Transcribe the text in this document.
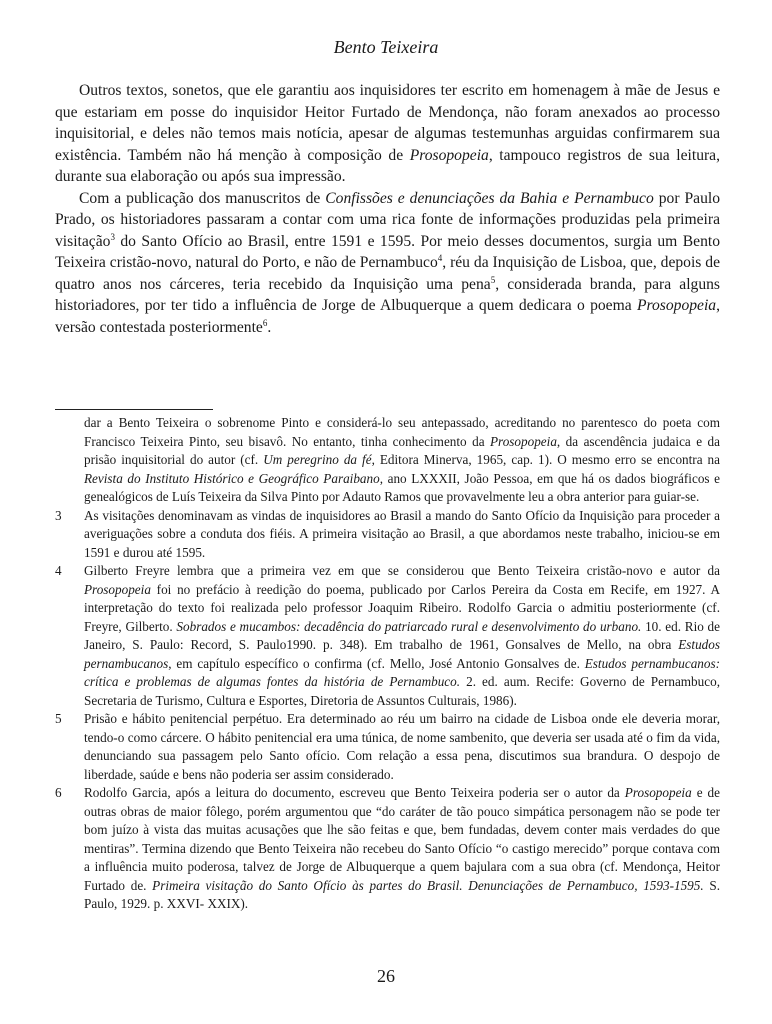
Bento Teixeira

Outros textos, sonetos, que ele garantiu aos inquisidores ter escrito em homenagem à mãe de Jesus e que estariam em posse do inquisidor Heitor Furtado de Mendonça, não foram anexados ao processo inquisitorial, e deles não temos mais notícia, apesar de algumas testemunhas arguidas confirmarem sua existência. Também não há menção à composição de Prosopopeia, tampouco registros de sua leitura, durante sua elaboração ou após sua impressão.

Com a publicação dos manuscritos de Confissões e denunciações da Bahia e Pernambuco por Paulo Prado, os historiadores passaram a contar com uma rica fonte de informações produzidas pela primeira visitação$^3$ do Santo Ofício ao Brasil, entre 1591 e 1595. Por meio desses documentos, surgia um Bento Teixeira cristão-novo, natural do Porto, e não de Pernambuco$^4$, réu da Inquisição de Lisboa, que, depois de quatro anos nos cárceres, teria recebido da Inquisição uma pena$^5$, considerada branda, para alguns historiadores, por ter tido a influência de Jorge de Albuquerque a quem dedicara o poema Prosopopeia, versão contestada posteriormente$^6$.

dar a Bento Teixeira o sobrenome Pinto e considerá-lo seu antepassado, acreditando no parentesco do poeta com Francisco Teixeira Pinto, seu bisavô. No entanto, tinha conhecimento da Prosopopeia, da ascendência judaica e da prisão inquisitorial do autor (cf. Um peregrino da fé, Editora Minerva, 1965, cap. 1). O mesmo erro se encontra na Revista do Instituto Histórico e Geográfico Paraibano, ano LXXXII, João Pessoa, em que há os dados biográficos e genealógicos de Luís Teixeira da Silva Pinto por Adauto Ramos que provavelmente leu a obra anterior para guiar-se.

3 As visitações denominavam as vindas de inquisidores ao Brasil a mando do Santo Ofício da Inquisição para proceder a averiguações sobre a conduta dos fiéis. A primeira visitação ao Brasil, a que abordamos neste trabalho, iniciou-se em 1591 e durou até 1595.

4 Gilberto Freyre lembra que a primeira vez em que se considerou que Bento Teixeira cristão-novo e autor da Prosopopeia foi no prefácio à reedição do poema, publicado por Carlos Pereira da Costa em Recife, em 1927. A interpretação do texto foi realizada pelo professor Joaquim Ribeiro. Rodolfo Garcia o admitiu posteriormente (cf. Freyre, Gilberto. Sobrados e mucambos: decadência do patriarcado rural e desenvolvimento do urbano. 10. ed. Rio de Janeiro, S. Paulo: Record, S. Paulo1990. p. 348). Em trabalho de 1961, Gonsalves de Mello, na obra Estudos pernambucanos, em capítulo específico o confirma (cf. Mello, José Antonio Gonsalves de. Estudos pernambucanos: crítica e problemas de algumas fontes da história de Pernambuco. 2. ed. aum. Recife: Governo de Pernambuco, Secretaria de Turismo, Cultura e Esportes, Diretoria de Assuntos Culturais, 1986).

5 Prisão e hábito penitencial perpétuo. Era determinado ao réu um bairro na cidade de Lisboa onde ele deveria morar, tendo-o como cárcere. O hábito penitencial era uma túnica, de nome sambenito, que deveria ser usada até o fim da vida, denunciando sua passagem pelo Santo ofício. Com relação a essa pena, discutimos sua brandura. O despojo de liberdade, saúde e bens não poderia ser assim considerado.

6 Rodolfo Garcia, após a leitura do documento, escreveu que Bento Teixeira poderia ser o autor da Prosopopeia e de outras obras de maior fôlego, porém argumentou que “do caráter de tão pouco simpática personagem não se pode ter bom juízo à vista das muitas acusações que lhe são feitas e que, bem fundadas, devem conter mais verdades do que mentiras”. Termina dizendo que Bento Teixeira não recebeu do Santo Ofício “o castigo merecido” porque contava com a influência muito poderosa, talvez de Jorge de Albuquerque a quem bajulara com a sua obra (cf. Mendonça, Heitor Furtado de. Primeira visitação do Santo Ofício às partes do Brasil. Denunciações de Pernambuco, 1593-1595. S. Paulo, 1929. p. XXVI- XXIX).

26
